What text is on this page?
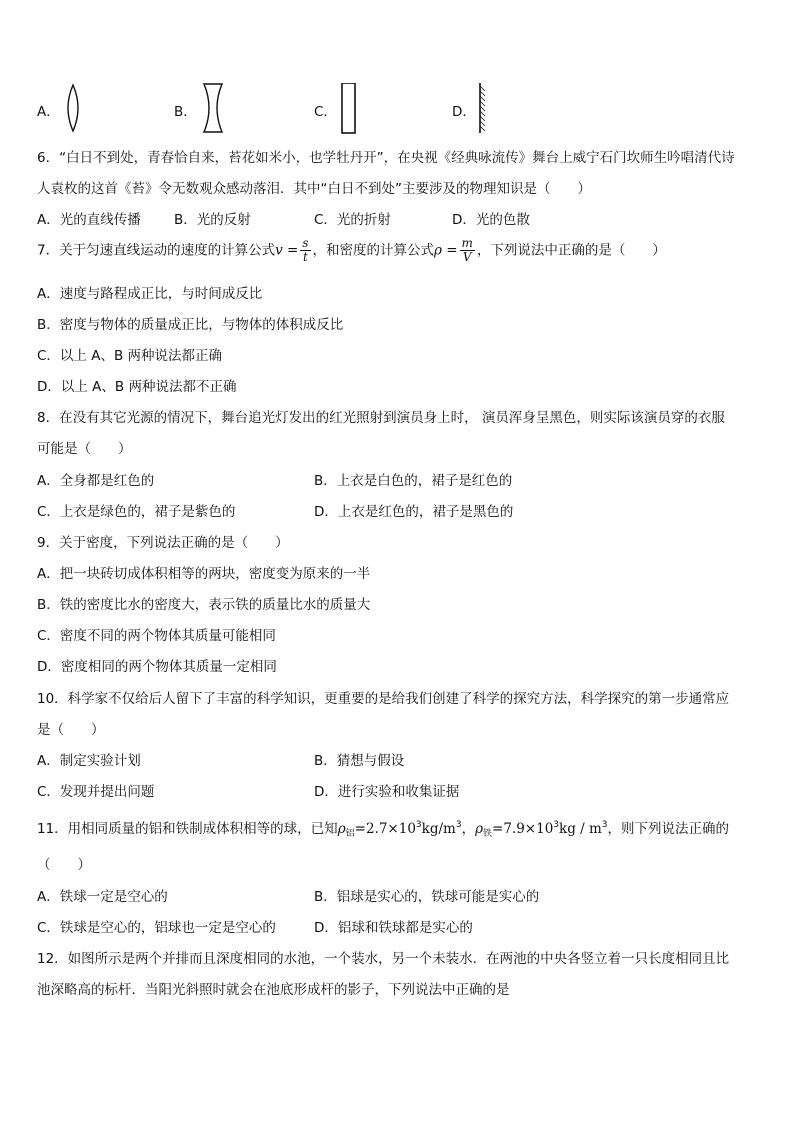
A．	B．	C．	D．
6．“白日不到处，青春恰自来，苔花如米小，也学牡丹开”，在央视《经典咏流传》舞台上威宁石门坎师生吟唱清代诗
人袁枚的这首《苔》令无数观众感动落泪．其中“白日不到处”主要涉及的物理知识是（　　）
A．光的直线传播 B．光的反射	C．光的折射	D．光的色散
7．关于匀速直线运动的速度的计算公式$v = \frac{s}{t}$ ，和密度的计算公式$\rho = \frac{m}{V}$ ，下列说法中正确的是（　　）
A．速度与路程成正比，与时间成反比
B．密度与物体的质量成正比，与物体的体积成反比
C．以上 A、B 两种说法都正确
D．以上 A、B 两种说法都不正确
8．在没有其它光源的情况下，舞台追光灯发出的红光照射到演员身上时， 演员浑身呈黑色，则实际该演员穿的衣服
可能是（　　）
A．全身都是红色的	B．上衣是白色的，裙子是红色的
C．上衣是绿色的，裙子是紫色的	D．上衣是红色的，裙子是黑色的
9．关于密度，下列说法正确的是（　　）
A．把一块砖切成体积相等的两块，密度变为原来的一半
B．铁的密度比水的密度大，表示铁的质量比水的质量大
C．密度不同的两个物体其质量可能相同
D．密度相同的两个物体其质量一定相同
10．科学家不仅给后人留下了丰富的科学知识，更重要的是给我们创建了科学的探究方法，科学探究的第一步通常应
是（　　）
A．制定实验计划	B．猜想与假设
C．发现并提出问题	D．进行实验和收集证据
11．用相同质量的铝和铁制成体积相等的球，已知$\rho_铝=2.7\times 10^3kg/m^3$，$\rho_铁=7.9\times 10^3kg / m^3$，则下列说法正确的
（　　）
A．铁球一定是空心的	B．铝球是实心的，铁球可能是实心的
C．铁球是空心的，铝球也一定是空心的	D．铝球和铁球都是实心的
12．如图所示是两个并排而且深度相同的水池，一个装水，另一个未装水．在两池的中央各竖立着一只长度相同且比
池深略高的标杆．当阳光斜照时就会在池底形成杆的影子，下列说法中正确的是
